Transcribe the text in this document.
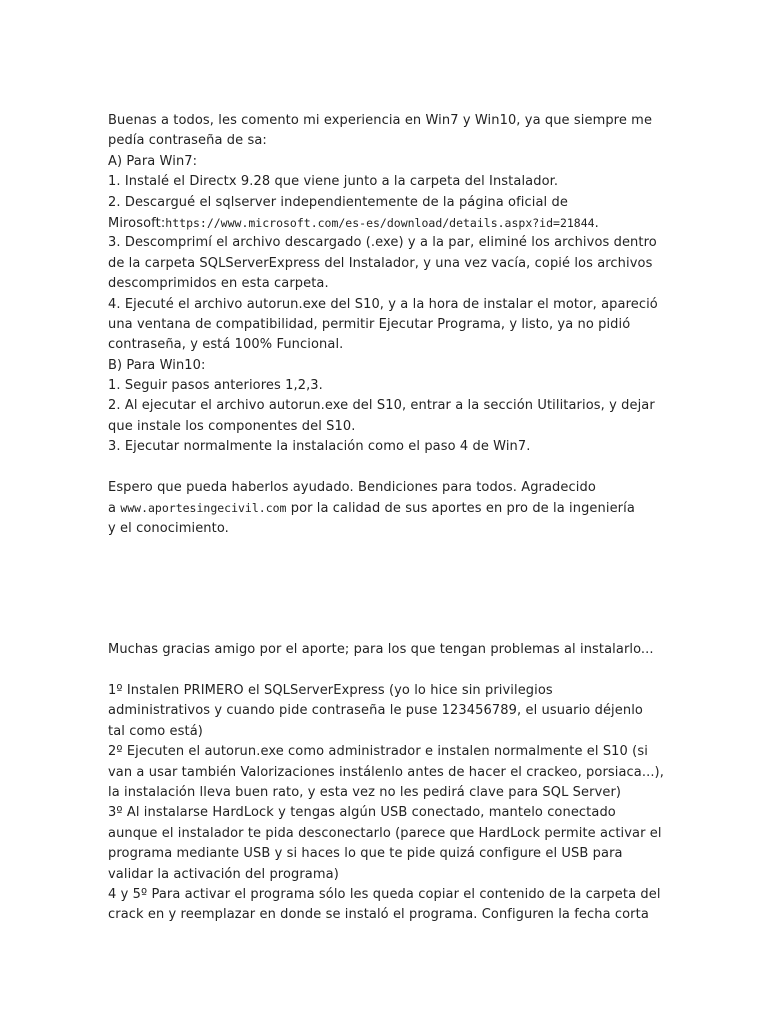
Buenas a todos, les comento mi experiencia en Win7 y Win10, ya que siempre me
pedía contraseña de sa:
A) Para Win7:
1. Instalé el Directx 9.28 que viene junto a la carpeta del Instalador.
2. Descargué el sqlserver independientemente de la página oficial de
Mirosoft:https://www.microsoft.com/es-es/download/details.aspx?id=21844.
3. Descomprimí el archivo descargado (.exe) y a la par, eliminé los archivos dentro
de la carpeta SQLServerExpress del Instalador, y una vez vacía, copié los archivos
descomprimidos en esta carpeta.
4. Ejecuté el archivo autorun.exe del S10, y a la hora de instalar el motor, apareció
una ventana de compatibilidad, permitir Ejecutar Programa, y listo, ya no pidió
contraseña, y está 100% Funcional.
B) Para Win10:
1. Seguir pasos anteriores 1,2,3.
2. Al ejecutar el archivo autorun.exe del S10, entrar a la sección Utilitarios, y dejar
que instale los componentes del S10.
3. Ejecutar normalmente la instalación como el paso 4 de Win7.
Espero que pueda haberlos ayudado. Bendiciones para todos. Agradecido
a www.aportesingecivil.com por la calidad de sus aportes en pro de la ingeniería
y el conocimiento.
Muchas gracias amigo por el aporte; para los que tengan problemas al instalarlo...
1º Instalen PRIMERO el SQLServerExpress (yo lo hice sin privilegios
administrativos y cuando pide contraseña le puse 123456789, el usuario déjenlo
tal como está)
2º Ejecuten el autorun.exe como administrador e instalen normalmente el S10 (si
van a usar también Valorizaciones instálenlo antes de hacer el crackeo, porsiaca...),
la instalación lleva buen rato, y esta vez no les pedirá clave para SQL Server)
3º Al instalarse HardLock y tengas algún USB conectado, mantelo conectado
aunque el instalador te pida desconectarlo (parece que HardLock permite activar el
programa mediante USB y si haces lo que te pide quizá configure el USB para
validar la activación del programa)
4 y 5º Para activar el programa sólo les queda copiar el contenido de la carpeta del
crack en y reemplazar en donde se instaló el programa. Configuren la fecha corta
